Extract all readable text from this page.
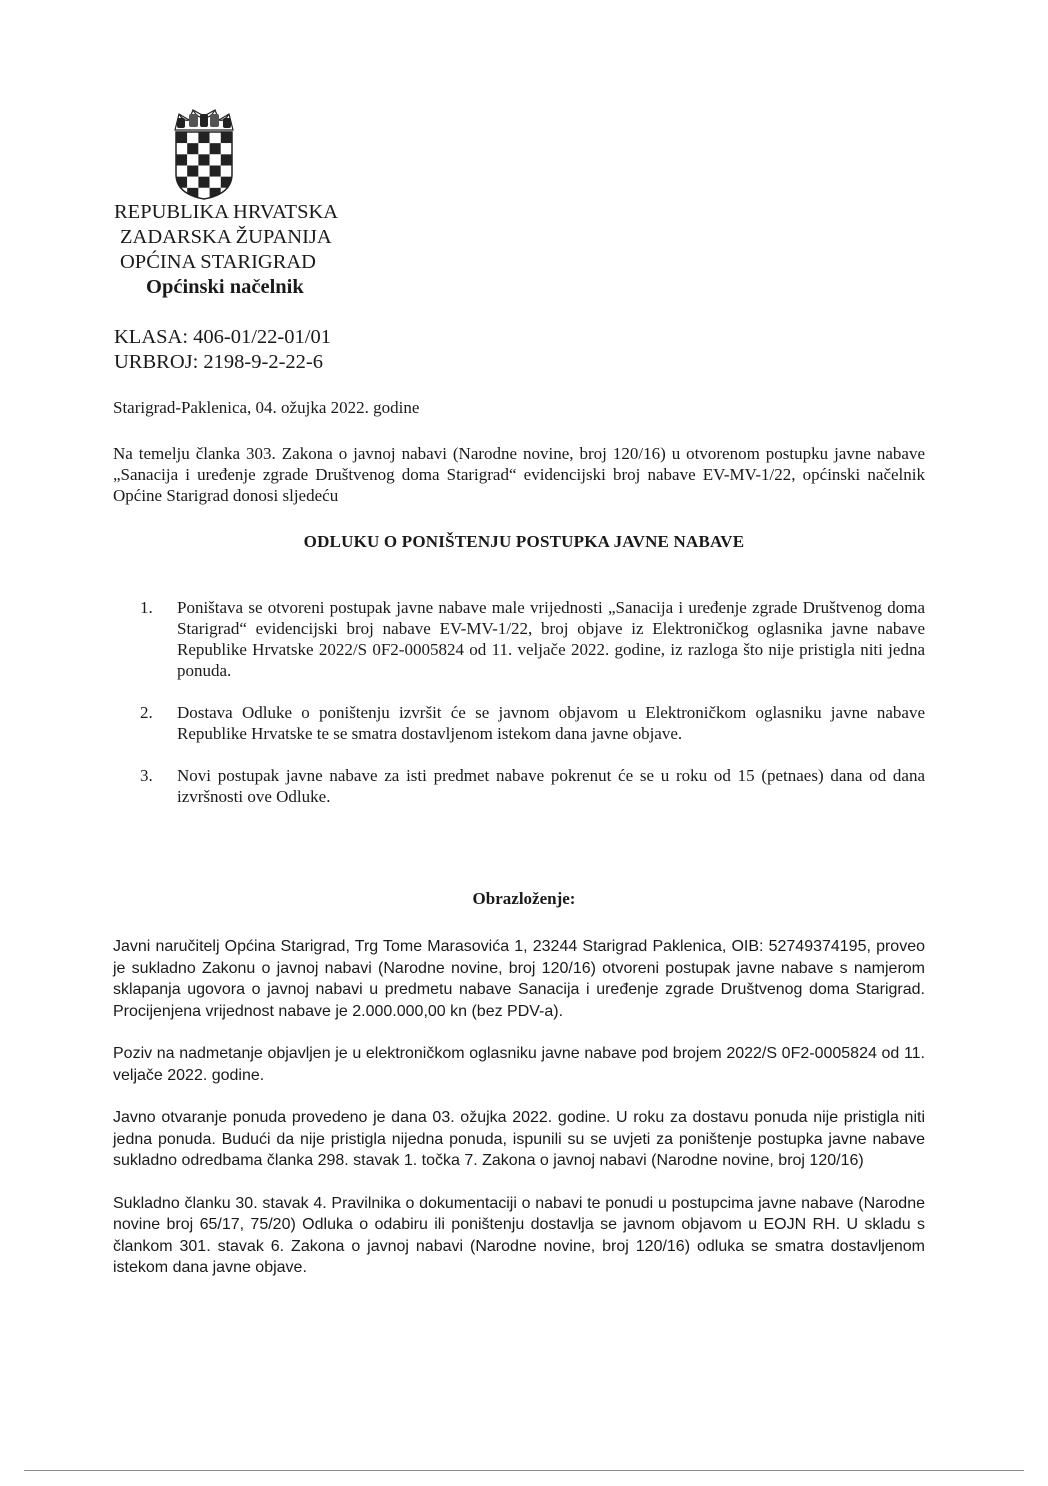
REPUBLIKA HRVATSKA
ZADARSKA ŽUPANIJA
OPĆINA STARIGRAD
Općinski načelnik
KLASA: 406-01/22-01/01
URBROJ: 2198-9-2-22-6
Starigrad-Paklenica, 04. ožujka 2022. godine
Na temelju članka 303. Zakona o javnoj nabavi (Narodne novine, broj 120/16) u otvorenom postupku javne nabave „Sanacija i uređenje zgrade Društvenog doma Starigrad“ evidencijski broj nabave EV-MV-1/22, općinski načelnik Općine Starigrad donosi sljedeću
ODLUKU O PONIŠTENJU POSTUPKA JAVNE NABAVE
1.	Poništava se otvoreni postupak javne nabave male vrijednosti „Sanacija i uređenje zgrade Društvenog doma Starigrad“ evidencijski broj nabave EV-MV-1/22, broj objave iz Elektroničkog oglasnika javne nabave Republike Hrvatske 2022/S 0F2-0005824 od 11. veljače 2022. godine, iz razloga što nije pristigla niti jedna ponuda.
2.	Dostava Odluke o poništenju izvršit će se javnom objavom u Elektroničkom oglasniku javne nabave Republike Hrvatske te se smatra dostavljenom istekom dana javne objave.
3.	Novi postupak javne nabave za isti predmet nabave pokrenut će se u roku od 15 (petnaes) dana od dana izvršnosti ove Odluke.
Obrazloženje:

Javni naručitelj Općina Starigrad, Trg Tome Marasovića 1, 23244 Starigrad Paklenica, OIB: 52749374195, proveo je sukladno Zakonu o javnoj nabavi (Narodne novine, broj 120/16) otvoreni postupak javne nabave s namjerom sklapanja ugovora o javnoj nabavi u predmetu nabave Sanacija i uređenje zgrade Društvenog doma Starigrad. Procijenjena vrijednost nabave je 2.000.000,00 kn (bez PDV-a).

Poziv na nadmetanje objavljen je u elektroničkom oglasniku javne nabave pod brojem 2022/S 0F2-0005824 od 11. veljače 2022. godine.

Javno otvaranje ponuda provedeno je dana 03. ožujka 2022. godine. U roku za dostavu ponuda nije pristigla niti jedna ponuda. Budući da nije pristigla nijedna ponuda, ispunili su se uvjeti za poništenje postupka javne nabave sukladno odredbama članka 298. stavak 1. točka 7. Zakona o javnoj nabavi (Narodne novine, broj 120/16)

Sukladno članku 30. stavak 4. Pravilnika o dokumentaciji o nabavi te ponudi u postupcima javne nabave (Narodne novine broj 65/17, 75/20) Odluka o odabiru ili poništenju dostavlja se javnom objavom u EOJN RH. U skladu s člankom 301. stavak 6. Zakona o javnoj nabavi (Narodne novine, broj 120/16) odluka se smatra dostavljenom istekom dana javne objave.
